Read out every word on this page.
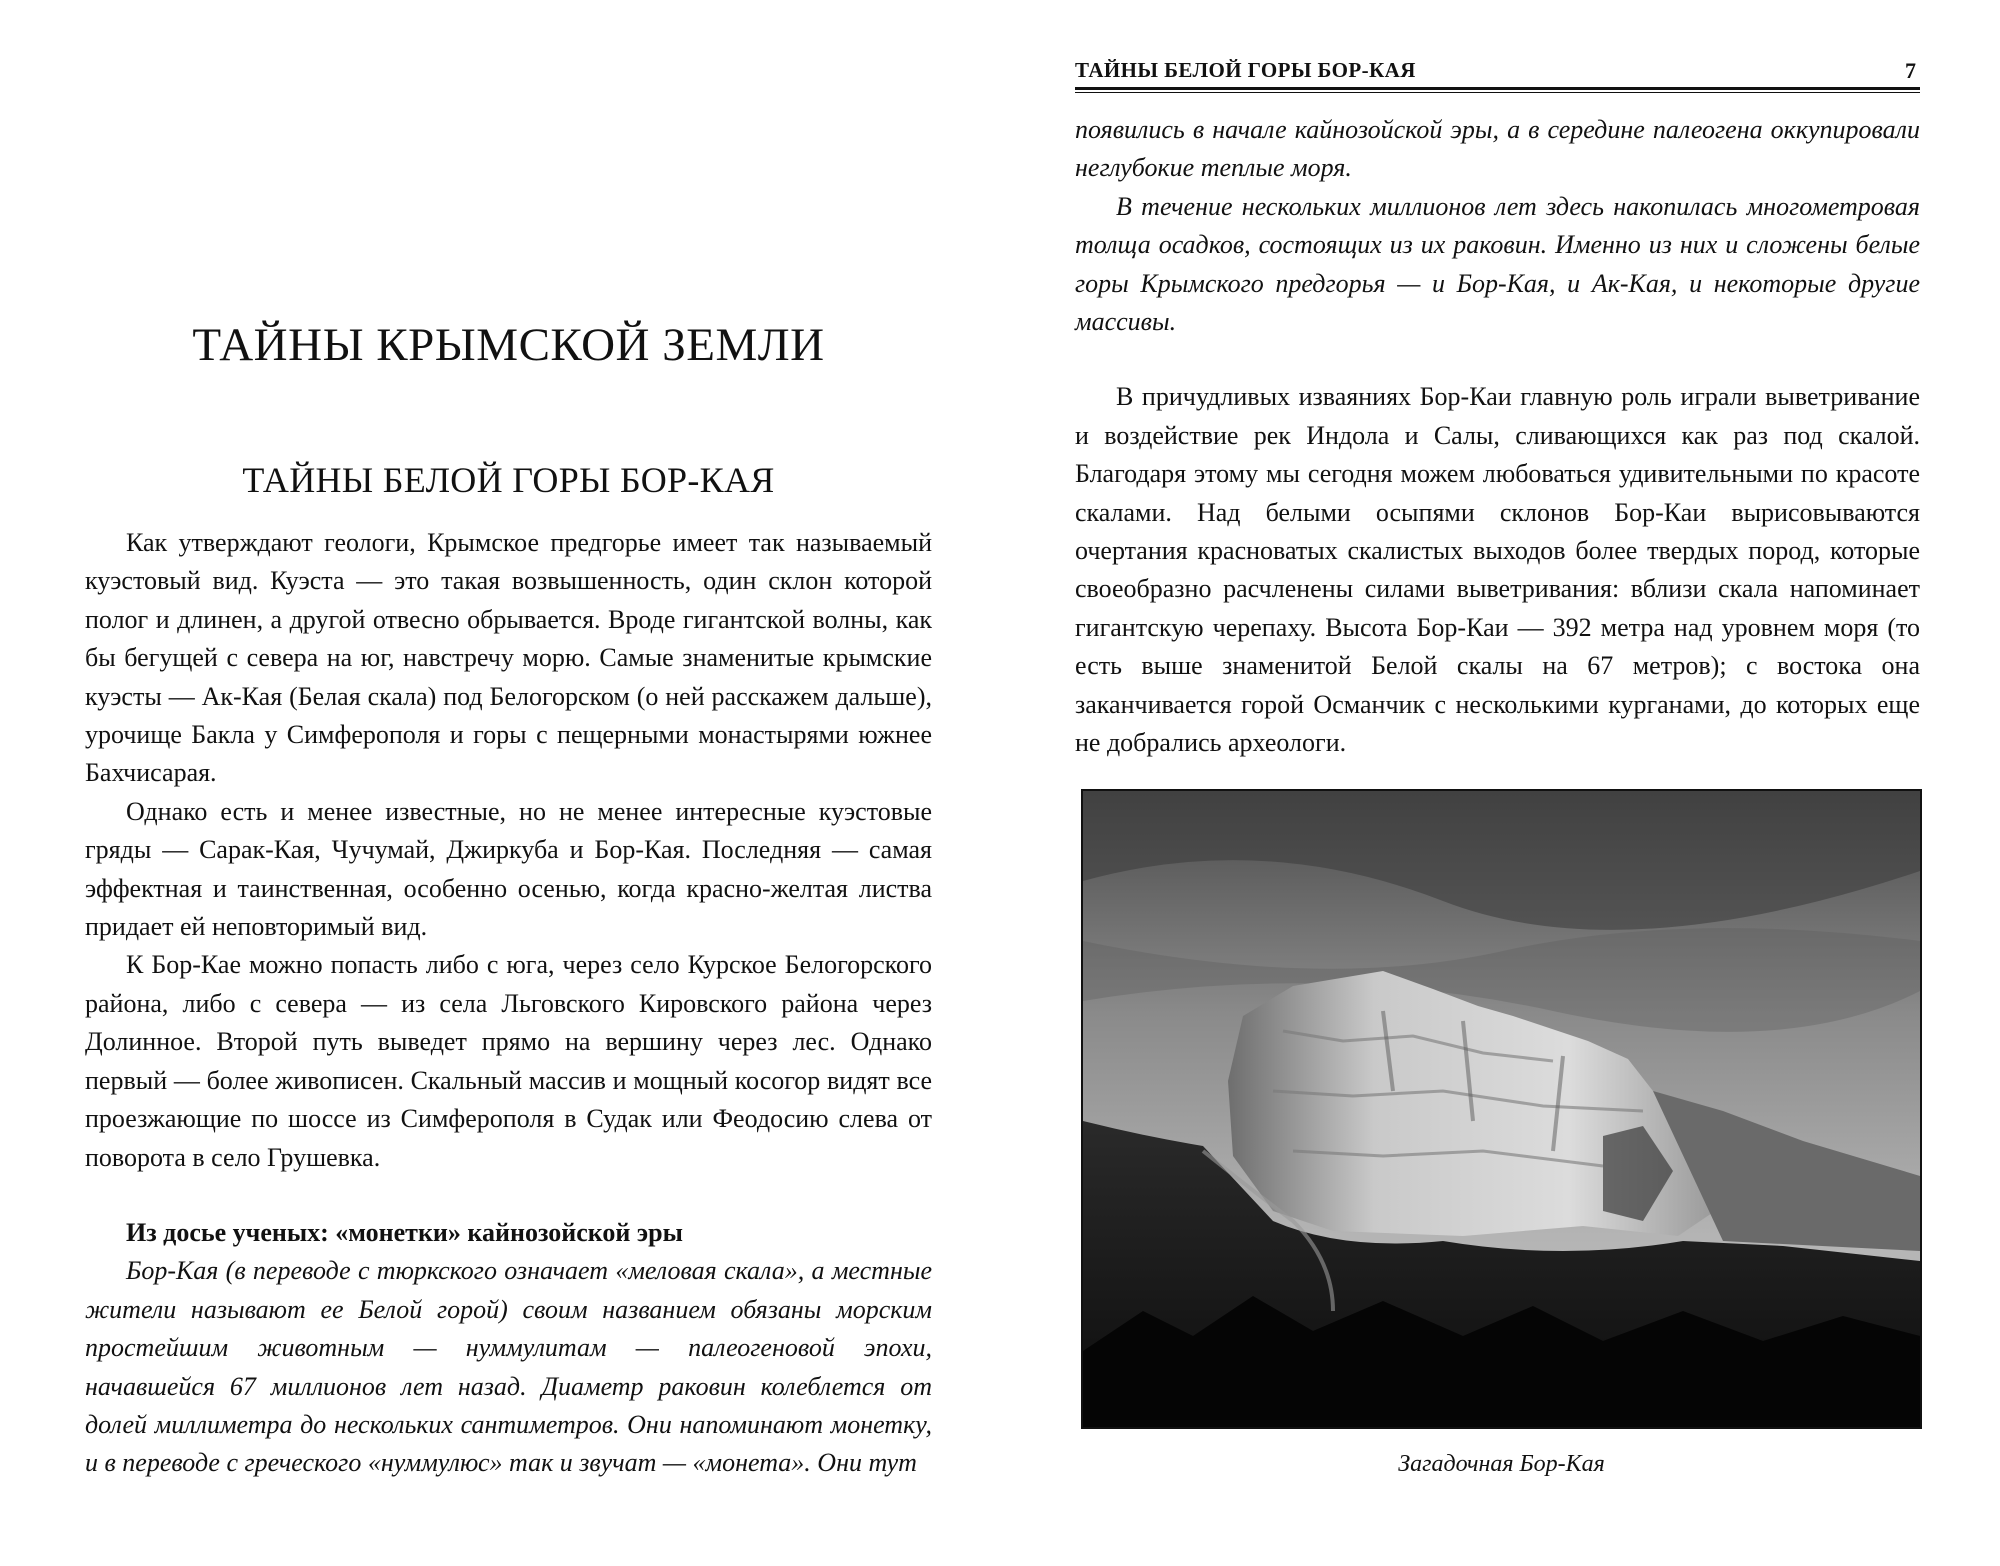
ТАЙНЫ КРЫМСКОЙ ЗЕМЛИ
ТАЙНЫ БЕЛОЙ ГОРЫ БОР-КАЯ

Как утверждают геологи, Крымское предгорье имеет так называемый куэстовый вид. Куэста — это такая возвышенность, один склон которой полог и длинен, а другой отвесно обрывается. Вроде гигантской волны, как бы бегущей с севера на юг, навстречу морю. Самые знаменитые крымские куэсты — Ак-Кая (Белая скала) под Белогорском (о ней расскажем дальше), урочище Бакла у Симферополя и горы с пещерными монастырями южнее Бахчисарая.

Однако есть и менее известные, но не менее интересные куэстовые гряды — Сарак-Кая, Чучумай, Джиркуба и Бор-Кая. Последняя — самая эффектная и таинственная, особенно осенью, когда красно-желтая листва придает ей неповторимый вид.

К Бор-Кае можно попасть либо с юга, через село Курское Белогорского района, либо с севера — из села Льговского Кировского района через Долинное. Второй путь выведет прямо на вершину через лес. Однако первый — более живописен. Скальный массив и мощный косогор видят все проезжающие по шоссе из Симферополя в Судак или Феодосию слева от поворота в село Грушевка.

Из досье ученых: «монетки» кайнозойской эры

Бор-Кая (в переводе с тюркского означает «меловая скала», а местные жители называют ее Белой горой) своим названием обязаны морским простейшим животным — нуммулитам — палеогеновой эпохи, начавшейся 67 миллионов лет назад. Диаметр раковин колеблется от долей миллиметра до нескольких сантиметров. Они напоминают монетку, и в переводе с греческого «нуммулюс» так и звучат — «монета». Они тут

ТАЙНЫ БЕЛОЙ ГОРЫ БОР-КАЯ	7

появились в начале кайнозойской эры, а в середине палеогена оккупировали неглубокие теплые моря.

В течение нескольких миллионов лет здесь накопилась многометровая толща осадков, состоящих из их раковин. Именно из них и сложены белые горы Крымского предгорья — и Бор-Кая, и Ак-Кая, и некоторые другие массивы.

В причудливых изваяниях Бор-Каи главную роль играли выветривание и воздействие рек Индола и Салы, сливающихся как раз под скалой. Благодаря этому мы сегодня можем любоваться удивительными по красоте скалами. Над белыми осыпями склонов Бор-Каи вырисовываются очертания красноватых скалистых выходов более твердых пород, которые своеобразно расчленены силами выветривания: вблизи скала напоминает гигантскую черепаху. Высота Бор-Каи — 392 метра над уровнем моря (то есть выше знаменитой Белой скалы на 67 метров); с востока она заканчивается горой Османчик с несколькими курганами, до которых еще не добрались археологи.

Загадочная Бор-Кая
